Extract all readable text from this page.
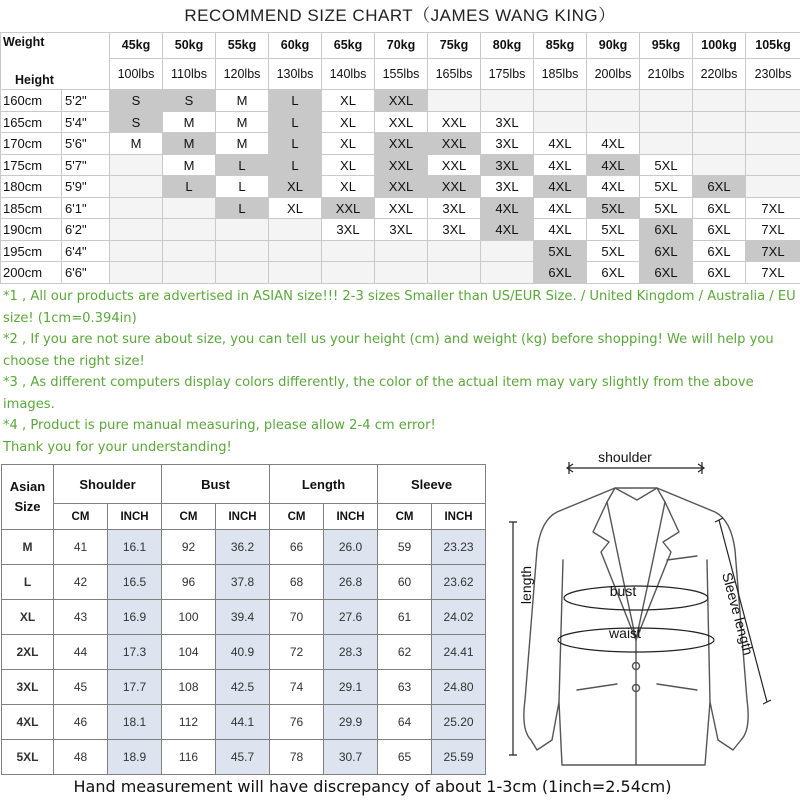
RECOMMEND SIZE CHART（JAMES WANG KING）
Weight
Height		45kg	50kg	55kg	60kg	65kg	70kg	75kg	80kg	85kg	90kg	95kg	100kg	105kg
		100lbs	110lbs	120lbs	130lbs	140lbs	155lbs	165lbs	175lbs	185lbs	200lbs	210lbs	220lbs	230lbs
160cm	5'2"	S	S	M	L	XL	XXL							
165cm	5'4"	S	M	M	L	XL	XXL	XXL	3XL					
170cm	5'6"	M	M	M	L	XL	XXL	XXL	3XL	4XL	4XL			
175cm	5'7"		M	L	L	XL	XXL	XXL	3XL	4XL	4XL	5XL		
180cm	5'9"		L	L	XL	XL	XXL	XXL	3XL	4XL	4XL	5XL	6XL	
185cm	6'1"			L	XL	XXL	XXL	3XL	4XL	4XL	5XL	5XL	6XL	7XL
190cm	6'2"					3XL	3XL	3XL	4XL	4XL	5XL	6XL	6XL	7XL
195cm	6'4"									5XL	5XL	6XL	6XL	7XL
200cm	6'6"									6XL	6XL	6XL	6XL	7XL

*1 , All our products are advertised in ASIAN size!!! 2-3 sizes Smaller than US/EUR Size. / United Kingdom / Australia / EU size! (1cm=0.394in)

*2 , If you are not sure about size, you can tell us your height (cm) and weight (kg) before shopping! We will help you choose the right size!

*3 , As different computers display colors differently, the color of the actual item may vary slightly from the above images.

*4 , Product is pure manual measuring, please allow 2-4 cm error!

Thank you for your understanding!

Asian Size	Shoulder		Bust		Length		Sleeve	
	CM	INCH	CM	INCH	CM	INCH	CM	INCH
M	41	16.1	92	36.2	66	26.0	59	23.23
L	42	16.5	96	37.8	68	26.8	60	23.62
XL	43	16.9	100	39.4	70	27.6	61	24.02
2XL	44	17.3	104	40.9	72	28.3	62	24.41
3XL	45	17.7	108	42.5	74	29.1	63	24.80
4XL	46	18.1	112	44.1	76	29.9	64	25.20
5XL	48	18.9	116	45.7	78	30.7	65	25.59
shoulder
length	bust
waist	Sleeve length
Hand measurement will have discrepancy of about 1-3cm (1inch=2.54cm)
